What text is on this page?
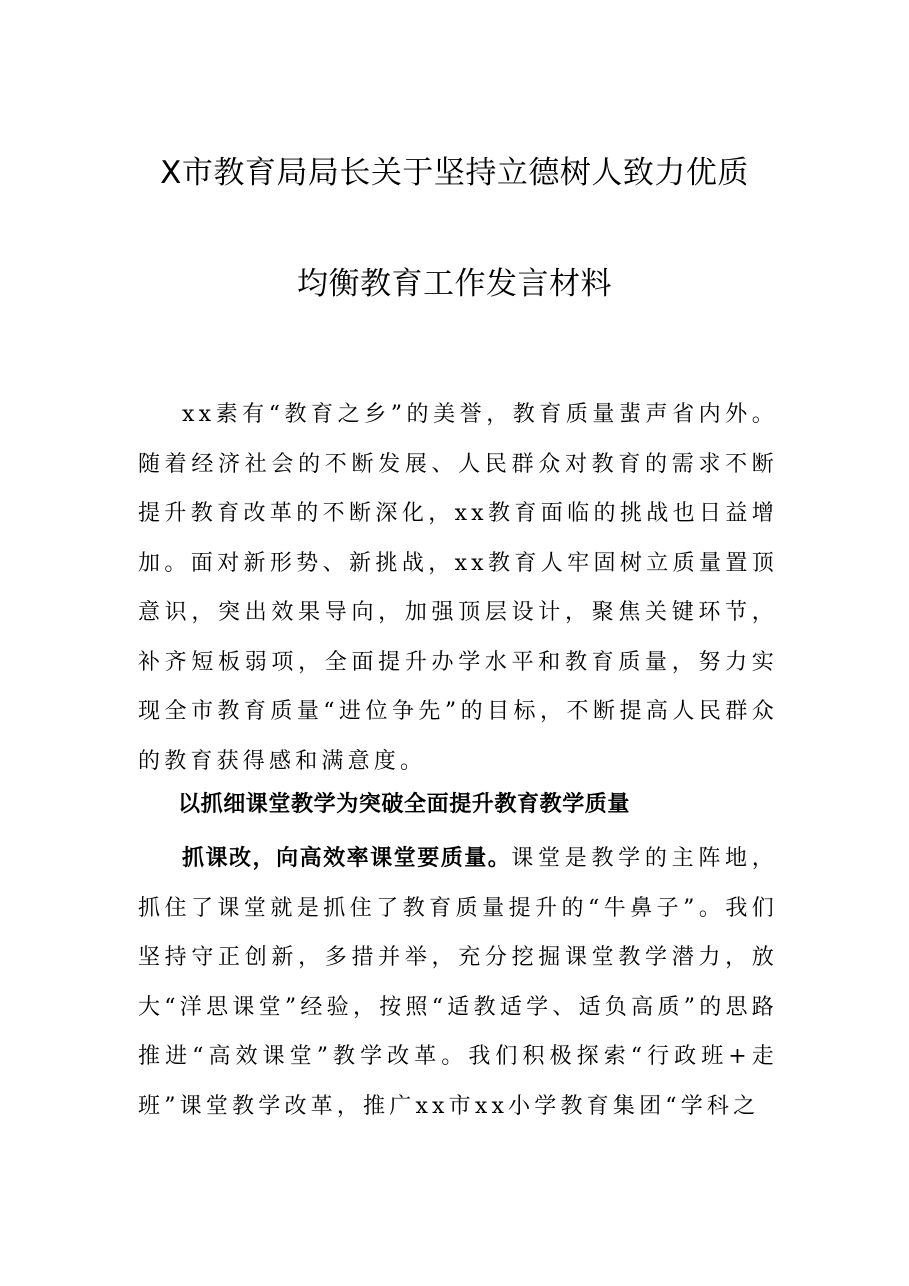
X市教育局局长关于坚持立德树人致力优质
均衡教育工作发言材料

xx素有“教育之乡”的美誉，教育质量蜚声省内外。随着经济社会的不断发展、人民群众对教育的需求不断提升教育改革的不断深化，xx教育面临的挑战也日益增加。面对新形势、新挑战，xx教育人牢固树立质量置顶意识，突出效果导向，加强顶层设计，聚焦关键环节，补齐短板弱项，全面提升办学水平和教育质量，努力实现全市教育质量“进位争先”的目标，不断提高人民群众的教育获得感和满意度。

以抓细课堂教学为突破全面提升教育教学质量

抓课改，向高效率课堂要质量。课堂是教学的主阵地，抓住了课堂就是抓住了教育质量提升的“牛鼻子”。我们坚持守正创新，多措并举，充分挖掘课堂教学潜力，放大“洋思课堂”经验，按照“适教适学、适负高质”的思路推进“高效课堂”教学改革。我们积极探索“行政班+走班”课堂教学改革，推广xx市xx小学教育集团“学科之
